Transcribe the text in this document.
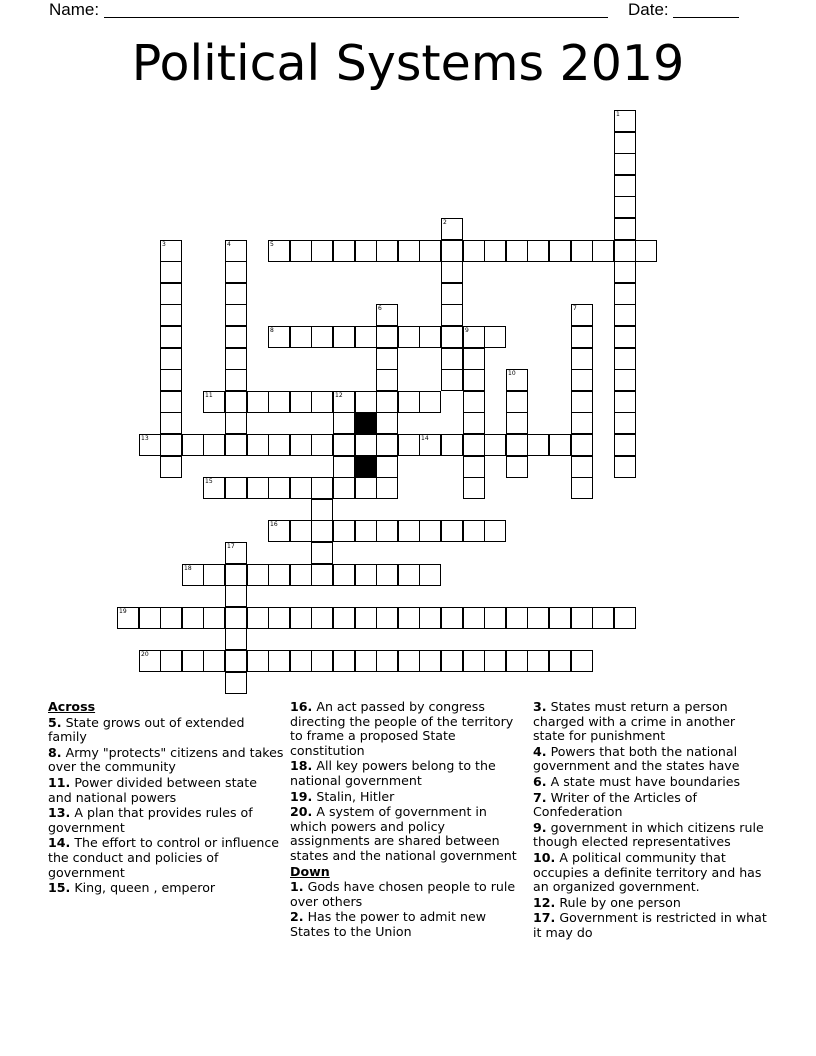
Name:	Date:
Political Systems 2019
1
2
3	4	5
6	7
8	9
10
11	12
13	14
15
16
17
18
19
20
Across

5. State grows out of extended family

8. Army "protects" citizens and takes over the community

11. Power divided between state and national powers

13. A plan that provides rules of government

14. The effort to control or influence the conduct and policies of government

15. King, queen , emperor

16. An act passed by congress directing the people of the territory to frame a proposed State constitution

18. All key powers belong to the national government

19. Stalin, Hitler

20. A system of government in which powers and policy assignments are shared between states and the national government

Down

1. Gods have chosen people to rule over others

2. Has the power to admit new States to the Union

3. States must return a person charged with a crime in another state for punishment

4. Powers that both the national government and the states have

6. A state must have boundaries

7. Writer of the Articles of Confederation

9. government in which citizens rule though elected representatives

10. A political community that occupies a definite territory and has an organized government.

12. Rule by one person

17. Government is restricted in what it may do
